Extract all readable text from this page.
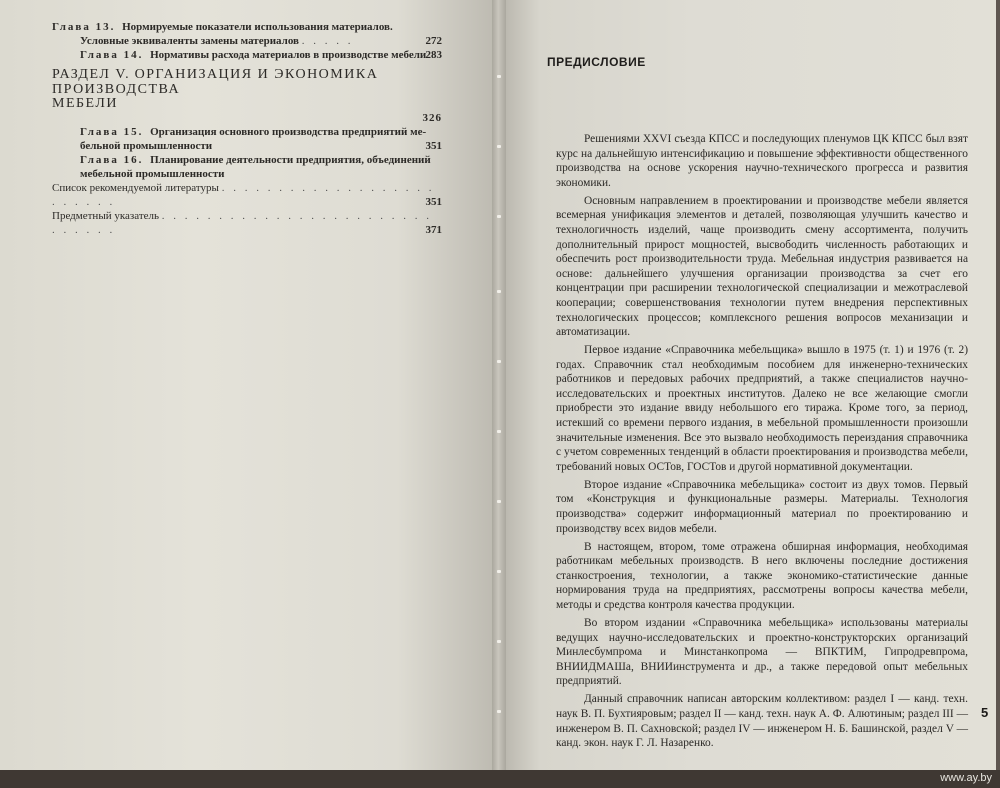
Глава 13. Нормируемые показатели использования материалов.
Условные эквиваленты замены материалов . . . . .	272
Глава 14. Нормативы расхода материалов в производстве мебели 283
РАЗДЕЛ V. ОРГАНИЗАЦИЯ И ЭКОНОМИКА ПРОИЗВОДСТВА
МЕБЕЛИ
326
Глава 15. Организация основного производства предприятий ме-
бельной промышленности	351
Глава 16. Планирование деятельности предприятия, объединений
мебельной промышленности
Список рекомендуемой литературы . . . . . . . . . . . . . . . . . . . . . . . . .	351
Предметный указатель . . . . . . . . . . . . . . . . . . . . . . . . . . . . . .	371
ПРЕДИСЛОВИЕ

Решениями XXVI съезда КПСС и последующих пленумов ЦК КПСС был взят курс на дальнейшую интенсификацию и повышение эффективности общественного производства на основе ускорения научно-технического прогресса и развития экономики.

Основным направлением в проектировании и производстве мебели является всемерная унификация элементов и деталей, позволяющая улучшить качество и технологичность изделий, чаще производить смену ассортимента, получить дополнительный прирост мощностей, высвободить численность работающих и обеспечить рост производительности труда. Мебельная индустрия развивается на основе: дальнейшего улучшения организации производства за счет его концентрации при расширении технологической специализации и межотраслевой кооперации; совершенствования технологии путем внедрения перспективных технологических процессов; комплексного решения вопросов механизации и автоматизации.

Первое издание «Справочника мебельщика» вышло в 1975 (т. 1) и 1976 (т. 2) годах. Справочник стал необходимым пособием для инженерно-технических работников и передовых рабочих предприятий, а также специалистов научно-исследовательских и проектных институтов. Далеко не все желающие смогли приобрести это издание ввиду небольшого его тиража. Кроме того, за период, истекший со времени первого издания, в мебельной промышленности произошли значительные изменения. Все это вызвало необходимость переиздания справочника с учетом современных тенденций в области проектирования и производства мебели, требований новых ОСТов, ГОСТов и другой нормативной документации.

Второе издание «Справочника мебельщика» состоит из двух томов. Первый том «Конструкция и функциональные размеры. Материалы. Технология производства» содержит информационный материал по проектированию и производству всех видов мебели.

В настоящем, втором, томе отражена обширная информация, необходимая работникам мебельных производств. В него включены последние достижения станкостроения, технологии, а также экономико-статистические данные нормирования труда на предприятиях, рассмотрены вопросы качества мебели, методы и средства контроля качества продукции.

Во втором издании «Справочника мебельщика» использованы материалы ведущих научно-исследовательских и проектно-конструкторских организаций Минлесбумпрома и Минстанкопрома — ВПКТИМ, Гипродревпрома, ВНИИДМАШа, ВНИИинструмента и др., а также передовой опыт мебельных предприятий.

Данный справочник написан авторским коллективом: раздел I — канд. техн. наук В. П. Бухтияровым; раздел II — канд. техн. наук А. Ф. Алютиным; раздел III — инженером В. П. Сахновской; раздел IV — инженером Н. Б. Башинской, раздел V — канд. экон. наук Г. Л. Назаренко.

5
www.ay.by
